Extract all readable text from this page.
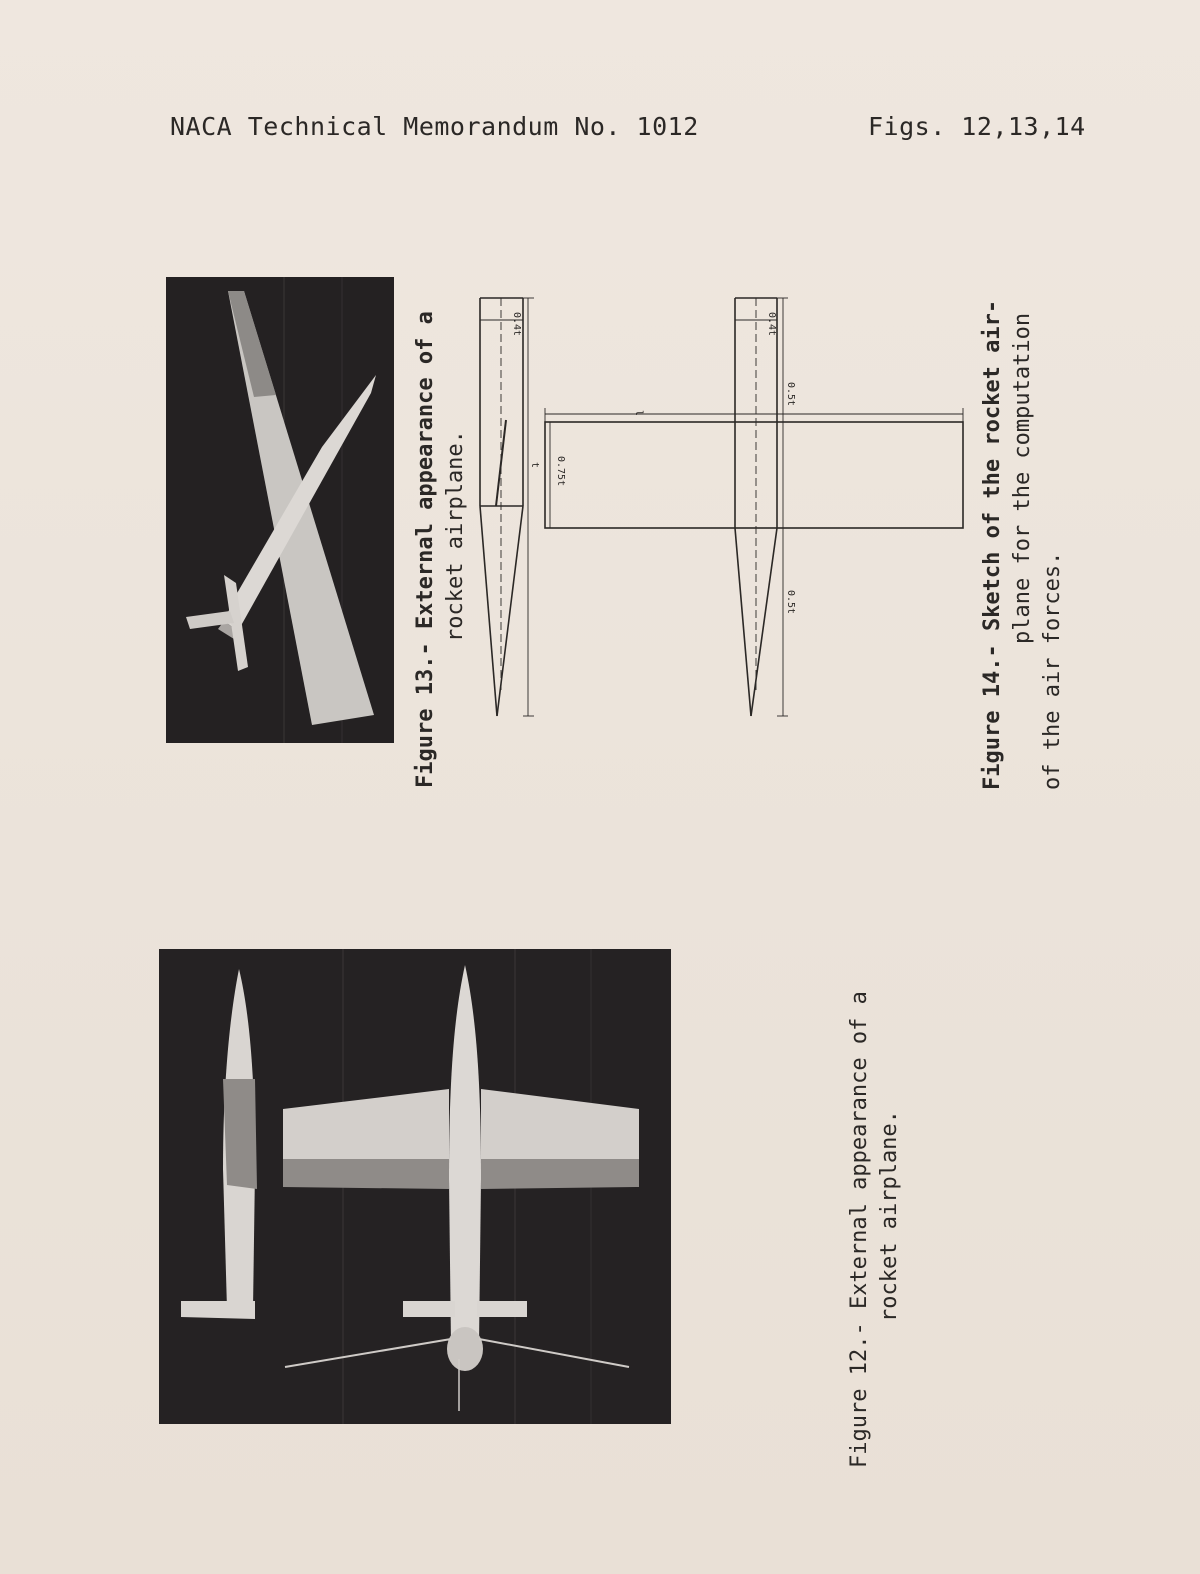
NACA Technical Memorandum No. 1012	Figs. 12,13,14
Figure 13.- External appearance of a rocket airplane.
0.4t
t 0.75t
0.4t
0.5t
0.5t
l	Figure 14.- Sketch of the rocket air- plane for the computation
of the air forces.
Figure 12.- External appearance of a rocket airplane.
